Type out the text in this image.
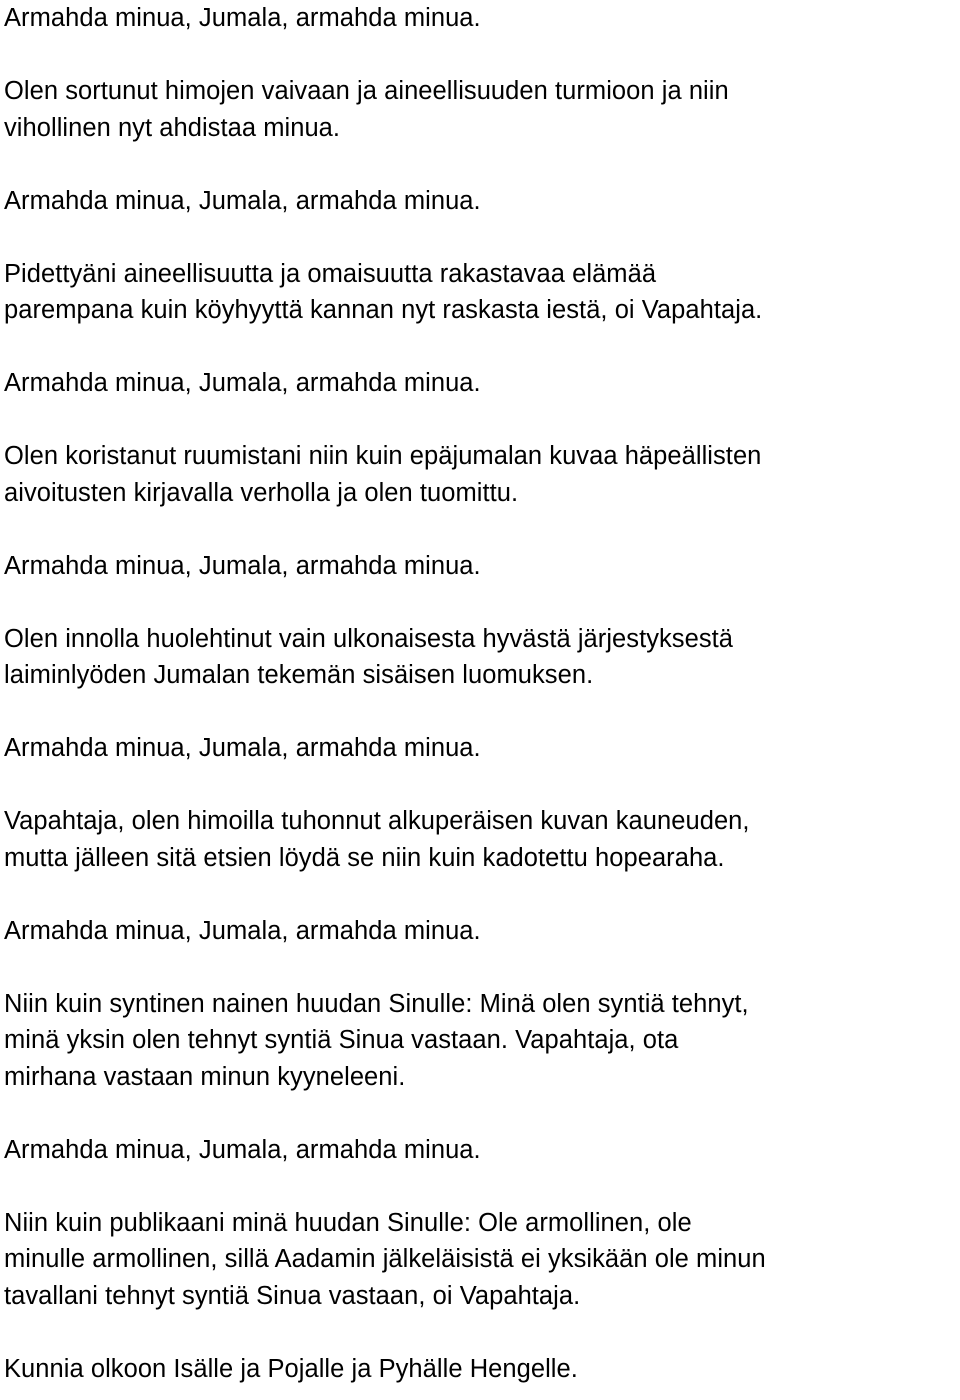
Armahda minua, Jumala, armahda minua.

Olen sortunut himojen vaivaan ja aineellisuuden turmioon ja niin
vihollinen nyt ahdistaa minua.

Armahda minua, Jumala, armahda minua.

Pidettyäni aineellisuutta ja omaisuutta rakastavaa elämää
parempana kuin köyhyyttä kannan nyt raskasta iestä, oi Vapahtaja.

Armahda minua, Jumala, armahda minua.

Olen koristanut ruumistani niin kuin epäjumalan kuvaa häpeällisten
aivoitusten kirjavalla verholla ja olen tuomittu.

Armahda minua, Jumala, armahda minua.

Olen innolla huolehtinut vain ulkonaisesta hyvästä järjestyksestä
laiminlyöden Jumalan tekemän sisäisen luomuksen.

Armahda minua, Jumala, armahda minua.

Vapahtaja, olen himoilla tuhonnut alkuperäisen kuvan kauneuden,
mutta jälleen sitä etsien löydä se niin kuin kadotettu hopearaha.

Armahda minua, Jumala, armahda minua.

Niin kuin syntinen nainen huudan Sinulle: Minä olen syntiä tehnyt,
minä yksin olen tehnyt syntiä Sinua vastaan. Vapahtaja, ota
mirhana vastaan minun kyyneleeni.

Armahda minua, Jumala, armahda minua.

Niin kuin publikaani minä huudan Sinulle: Ole armollinen, ole
minulle armollinen, sillä Aadamin jälkeläisistä ei yksikään ole minun
tavallani tehnyt syntiä Sinua vastaan, oi Vapahtaja.

Kunnia olkoon Isälle ja Pojalle ja Pyhälle Hengelle.
